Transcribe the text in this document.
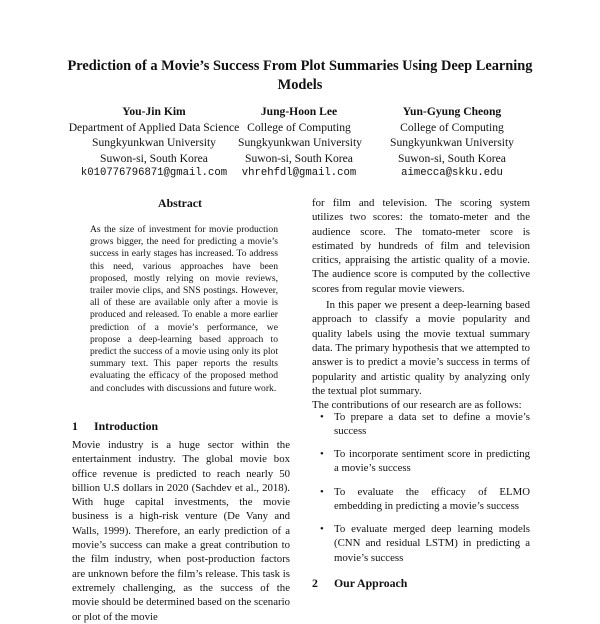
Prediction of a Movie’s Success From Plot Summaries Using Deep Learning Models
You-Jin Kim
Department of Applied Data Science
Sungkyunkwan University
Suwon-si, South Korea
k010776796871@gmail.com
Jung-Hoon Lee
College of Computing
Sungkyunkwan University
Suwon-si, South Korea
vhrehfdl@gmail.com
Yun-Gyung Cheong
College of Computing
Sungkyunkwan University
Suwon-si, South Korea
aimecca@skku.edu
Abstract
As the size of investment for movie production grows bigger, the need for predicting a movie’s success in early stages has increased. To address this need, various approaches have been proposed, mostly relying on movie reviews, trailer movie clips, and SNS postings. However, all of these are available only after a movie is produced and released. To enable a more earlier prediction of a movie’s performance, we propose a deep-learning based approach to predict the success of a movie using only its plot summary text. This paper reports the results evaluating the efficacy of the proposed method and concludes with discussions and future work.
1 Introduction

Movie industry is a huge sector within the entertainment industry. The global movie box office revenue is predicted to reach nearly 50 billion U.S dollars in 2020 (Sachdev et al., 2018). With huge capital investments, the movie business is a high-risk venture (De Vany and Walls, 1999). Therefore, an early prediction of a movie’s success can make a great contribution to the film industry, when post-production factors are unknown before the film’s release. This task is extremely challenging, as the success of the movie should be determined based on the scenario or plot of the movie

for film and television. The scoring system utilizes two scores: the tomato-meter and the audience score. The tomato-meter score is estimated by hundreds of film and television critics, appraising the artistic quality of a movie. The audience score is computed by the collective scores from regular movie viewers.

In this paper we present a deep-learning based approach to classify a movie popularity and quality labels using the movie textual summary data. The primary hypothesis that we attempted to answer is to predict a movie’s success in terms of popularity and artistic quality by analyzing only the textual plot summary.

The contributions of our research are as follows:

• To prepare a data set to define a movie’s success
• To incorporate sentiment score in predicting a movie’s success
• To evaluate the efficacy of ELMO embedding in predicting a movie’s success
• To evaluate merged deep learning models (CNN and residual LSTM) in predicting a movie’s success
2 Our Approach
